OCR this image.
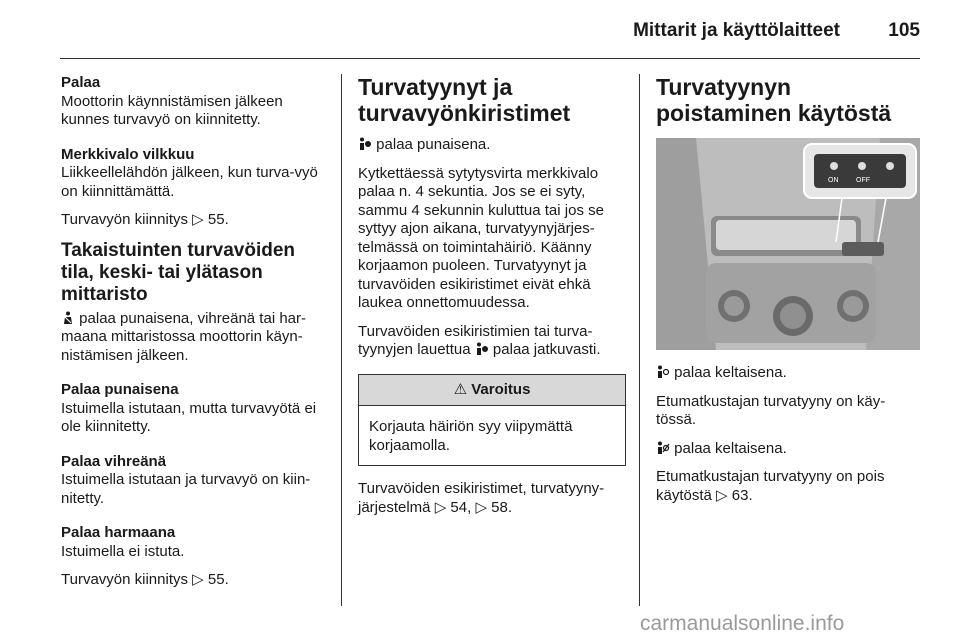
Mittarit ja käyttölaitteet	105

Palaa
Moottorin käynnistämisen jälkeen kunnes turvavyö on kiinnitetty.

Merkkivalo vilkkuu
Liikkeellelähdön jälkeen, kun turva-vyö on kiinnittämättä.

Turvavyön kiinnitys ▷ 55.

Takaistuinten turvavöiden tila, keski- tai ylätason mittaristo

palaa punaisena, vihreänä tai har-maana mittaristossa moottorin käyn-nistämisen jälkeen.

Palaa punaisena
Istuimella istutaan, mutta turvavyötä ei ole kiinnitetty.

Palaa vihreänä
Istuimella istutaan ja turvavyö on kiin-nitetty.

Palaa harmaana
Istuimella ei istuta.

Turvavyön kiinnitys ▷ 55.

Turvatyynyt ja turvavyönkiristimet

palaa punaisena.

Kytkettäessä sytytysvirta merkkivalo palaa n. 4 sekuntia. Jos se ei syty, sammu 4 sekunnin kuluttua tai jos se syttyy ajon aikana, turvatyynyjärjes-telmässä on toimintahäiriö. Käänny korjaamon puoleen. Turvatyynyt ja turvavöiden esikiristimet eivät ehkä laukea onnettomuudessa.

Turvavöiden esikiristimien tai turva-tyynyjen lauettua palaa jatkuvasti.

⚠ Varoitus
Korjauta häiriön syy viipymättä korjaamolla.

Turvavöiden esikiristimet, turvatyyny-järjestelmä ▷ 54, ▷ 58.

Turvatyynyn poistaminen käytöstä
ON	OFF

palaa keltaisena.

Etumatkustajan turvatyyny on käy-tössä.

palaa keltaisena.

Etumatkustajan turvatyyny on pois käytöstä ▷ 63.

carmanualsonline.info
